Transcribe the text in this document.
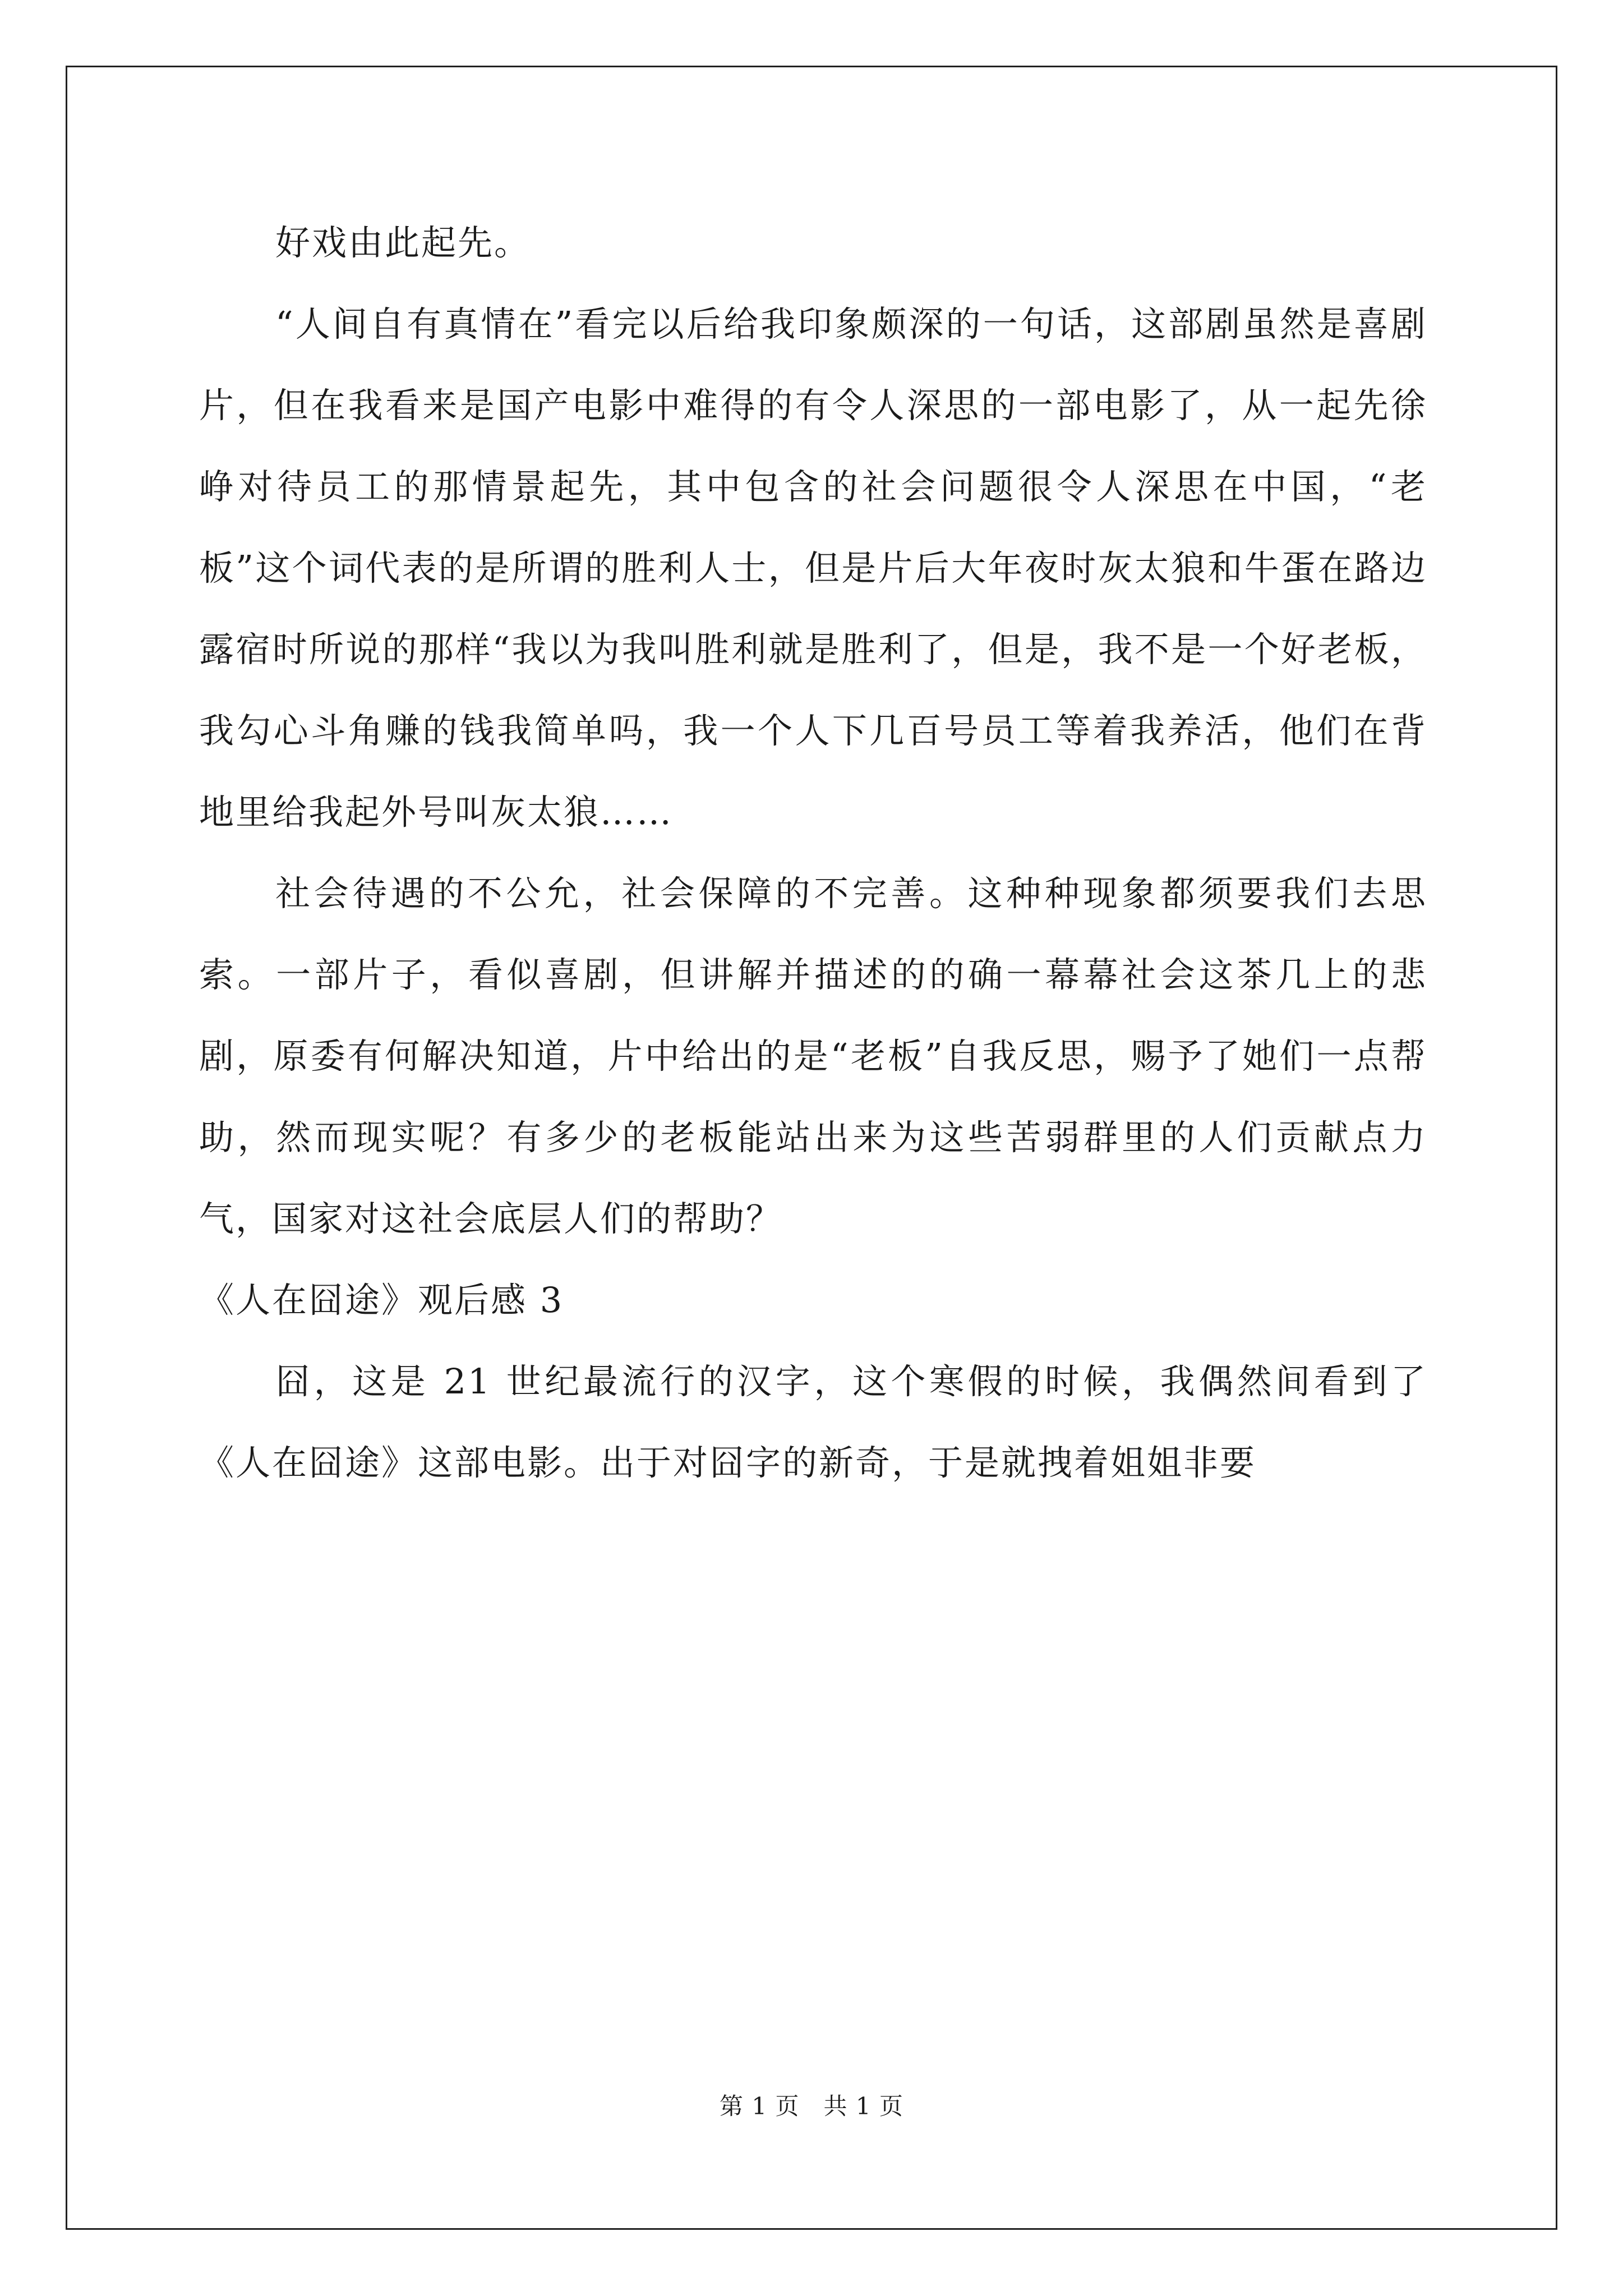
好戏由此起先。

“人间自有真情在”看完以后给我印象颇深的一句话，这部剧虽然是喜剧片，但在我看来是国产电影中难得的有令人深思的一部电影了，从一起先徐峥对待员工的那情景起先，其中包含的社会问题很令人深思在中国，“老板”这个词代表的是所谓的胜利人士，但是片后大年夜时灰太狼和牛蛋在路边露宿时所说的那样“我以为我叫胜利就是胜利了，但是，我不是一个好老板，我勾心斗角赚的钱我简单吗，我一个人下几百号员工等着我养活，他们在背地里给我起外号叫灰太狼……

社会待遇的不公允，社会保障的不完善。这种种现象都须要我们去思索。一部片子，看似喜剧，但讲解并描述的的确一幕幕社会这茶几上的悲剧，原委有何解决知道，片中给出的是“老板”自我反思，赐予了她们一点帮助，然而现实呢？有多少的老板能站出来为这些苦弱群里的人们贡献点力气，国家对这社会底层人们的帮助？

《人在囧途》观后感 3

囧，这是 21 世纪最流行的汉字，这个寒假的时候，我偶然间看到了《人在囧途》这部电影。出于对囧字的新奇，于是就拽着姐姐非要

第 1 页   共 1 页
